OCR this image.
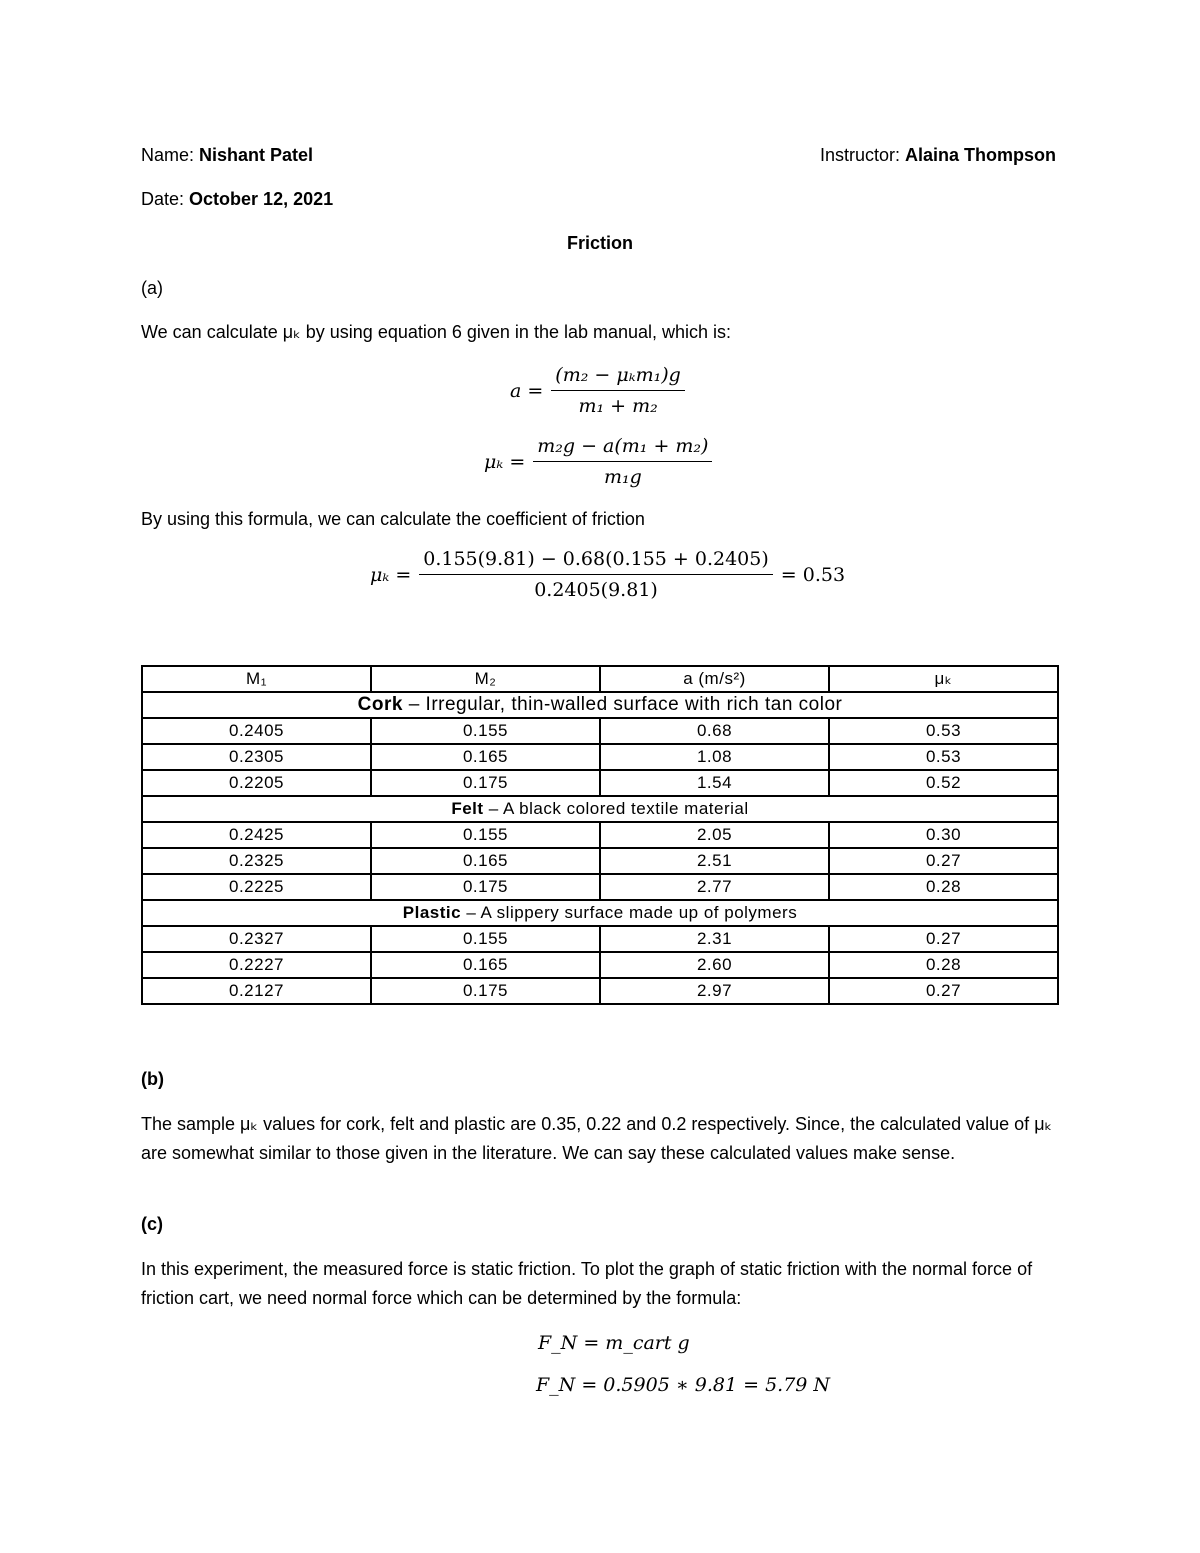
Name: Nishant Patel	Instructor: Alaina Thompson
Date: October 12, 2021
Friction
(a)
We can calculate μₖ by using equation 6 given in the lab manual, which is:
$a = \frac{\text{(m₂ − μₖm₁)g}}{\text{m₁ + m₂}}$
$\mu_k = \frac{\text{m₂g − a(m₁ + m₂)}}{\text{m₁g}}$
By using this formula, we can calculate the coefficient of friction
$\mu_k = \frac{0.155(9.81) - 0.68(0.155 + 0.2405)}{0.2405(9.81)} = 0.53$
M₁	M₂	a (m/s²)	μₖ
Cork – Irregular, thin-walled surface with rich tan color			
0.2405	0.155	0.68	0.53
0.2305	0.165	1.08	0.53
0.2205	0.175	1.54	0.52
Felt – A black colored textile material			
0.2425	0.155	2.05	0.30
0.2325	0.165	2.51	0.27
0.2225	0.175	2.77	0.28
Plastic – A slippery surface made up of polymers			
0.2327	0.155	2.31	0.27
0.2227	0.165	2.60	0.28
0.2127	0.175	2.97	0.27
(b)
The sample μₖ values for cork, felt and plastic are 0.35, 0.22 and 0.2 respectively. Since, the calculated value of μₖ are somewhat similar to those given in the literature. We can say these calculated values make sense.
(c)
In this experiment, the measured force is static friction. To plot the graph of static friction with the normal force of friction cart, we need normal force which can be determined by the formula:
F_N = m_cart g
F_N = 0.5905 ∗ 9.81 = 5.79 N
